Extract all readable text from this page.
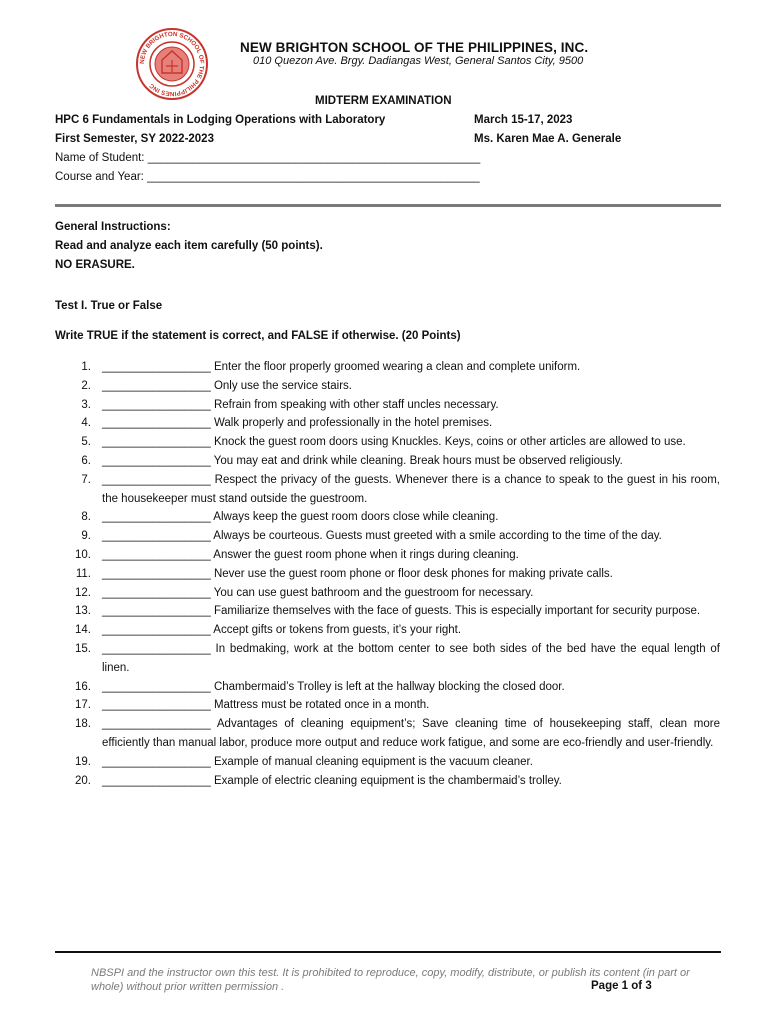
NEW BRIGHTON SCHOOL OF THE PHILIPPINES INC
NEW BRIGHTON SCHOOL OF THE PHILIPPINES, INC.
010 Quezon Ave. Brgy. Dadiangas West, General Santos City, 9500
MIDTERM EXAMINATION
HPC 6 Fundamentals in Lodging Operations with Laboratory	March 15-17, 2023
First Semester, SY 2022-2023	Ms. Karen Mae A. Generale
Name of Student: ____________________________________________________
Course and Year: ____________________________________________________
General Instructions:
Read and analyze each item carefully (50 points).
NO ERASURE.
Test I. True or False
Write TRUE if the statement is correct, and FALSE if otherwise. (20 Points)
1. _________________ Enter the floor properly groomed wearing a clean and complete uniform.
2. _________________ Only use the service stairs.
3. _________________ Refrain from speaking with other staff uncles necessary.
4. _________________ Walk properly and professionally in the hotel premises.
5. _________________ Knock the guest room doors using Knuckles. Keys, coins or other articles are allowed to use.
6. _________________ You may eat and drink while cleaning. Break hours must be observed religiously.
7. _________________ Respect the privacy of the guests. Whenever there is a chance to speak to the guest in his room, the housekeeper must stand outside the guestroom.
8. _________________ Always keep the guest room doors close while cleaning.
9. _________________ Always be courteous. Guests must greeted with a smile according to the time of the day.
10. _________________ Answer the guest room phone when it rings during cleaning.
11. _________________ Never use the guest room phone or floor desk phones for making private calls.
12. _________________ You can use guest bathroom and the guestroom for necessary.
13. _________________ Familiarize themselves with the face of guests. This is especially important for security purpose.
14. _________________ Accept gifts or tokens from guests, it’s your right.
15. _________________ In bedmaking, work at the bottom center to see both sides of the bed have the equal length of linen.
16. _________________ Chambermaid’s Trolley is left at the hallway blocking the closed door.
17. _________________ Mattress must be rotated once in a month.
18. _________________ Advantages of cleaning equipment’s; Save cleaning time of housekeeping staff, clean more efficiently than manual labor, produce more output and reduce work fatigue, and some are eco-friendly and user-friendly.
19. _________________ Example of manual cleaning equipment is the vacuum cleaner.
20. _________________ Example of electric cleaning equipment is the chambermaid’s trolley.
NBSPI and the instructor own this test. It is prohibited to reproduce, copy, modify, distribute, or publish its content (in part or whole) without prior written permission .	Page 1 of 3
